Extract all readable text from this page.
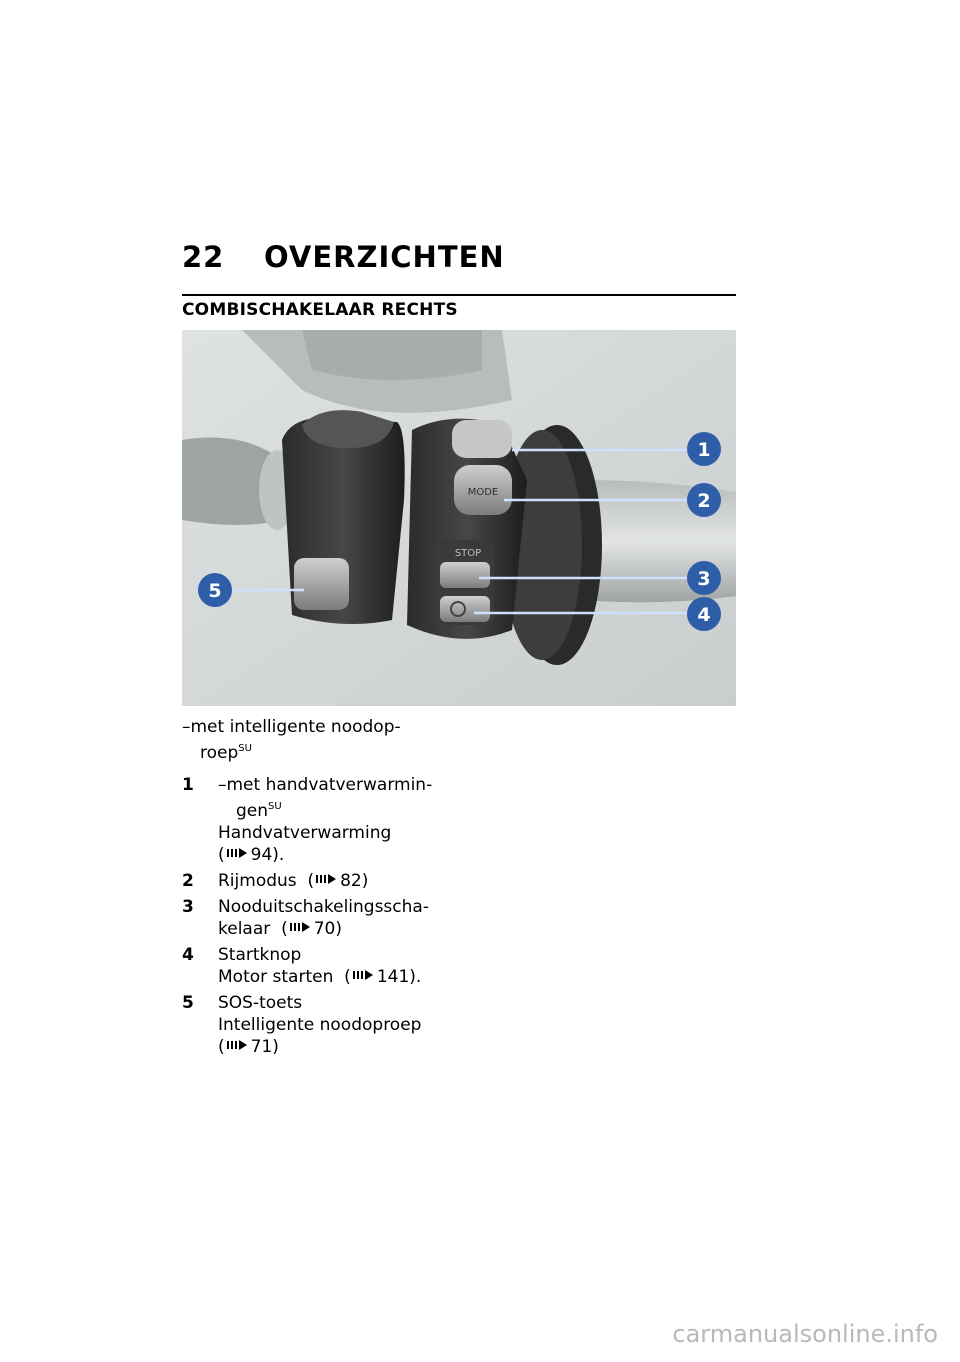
22	OVERZICHTEN
COMBISCHAKELAAR RECHTS
MODE
STOP
1
2
3
4
5

–met intelligente noodop-
roep$^{SU}$

1	–met handvatverwarmin-
gen$^{SU}$
Handvatverwarming
( 94).
2	Rijmodus ( 82)
3	Nooduitschakelingsscha-
kelaar ( 70)
4	Startknop
Motor starten ( 141).
5	SOS-toets
Intelligente noodoproep
( 71)
carmanualsonline.info
